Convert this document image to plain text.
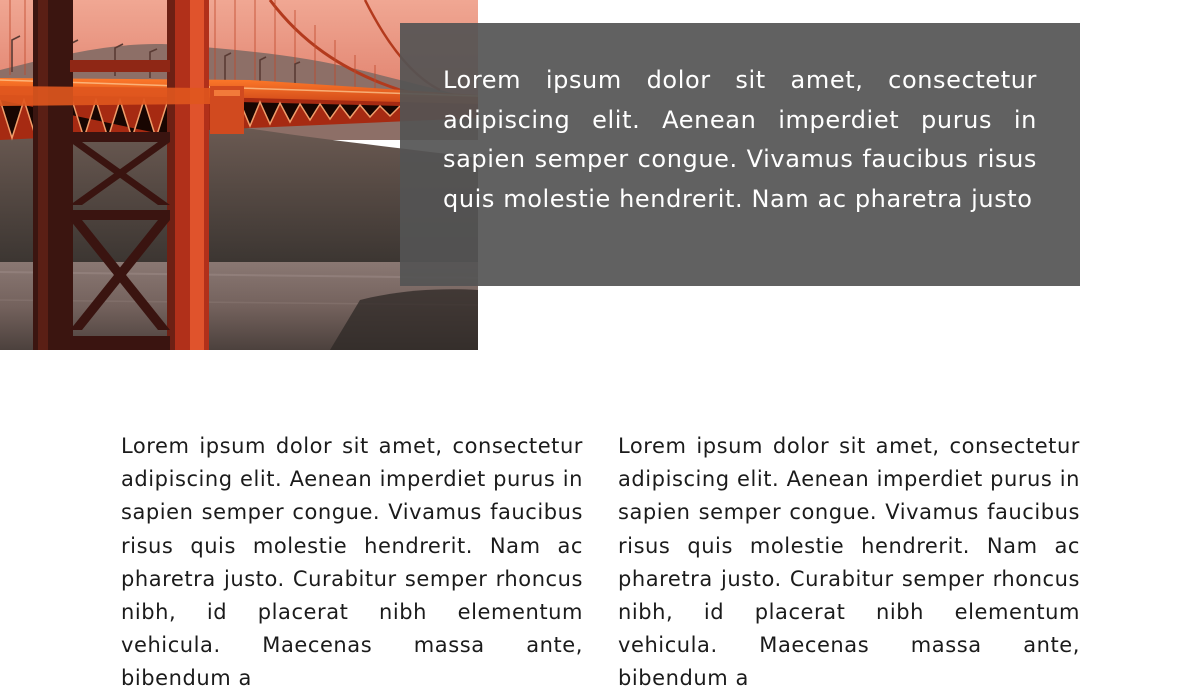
Lorem ipsum dolor sit amet, consectetur adipiscing elit. Aenean imperdiet purus in sapien semper congue. Vivamus faucibus risus quis molestie hendrerit. Nam ac pharetra justo

Lorem ipsum dolor sit amet, consectetur adipiscing elit. Aenean imperdiet purus in sapien semper congue. Vivamus faucibus risus quis molestie hendrerit. Nam ac pharetra justo. Curabitur semper rhoncus nibh, id placerat nibh elementum vehicula. Maecenas massa ante, bibendum a

Lorem ipsum dolor sit amet, consectetur adipiscing elit. Aenean imperdiet purus in sapien semper congue. Vivamus faucibus risus quis molestie hendrerit. Nam ac pharetra justo. Curabitur semper rhoncus nibh, id placerat nibh elementum vehicula. Maecenas massa ante, bibendum a
